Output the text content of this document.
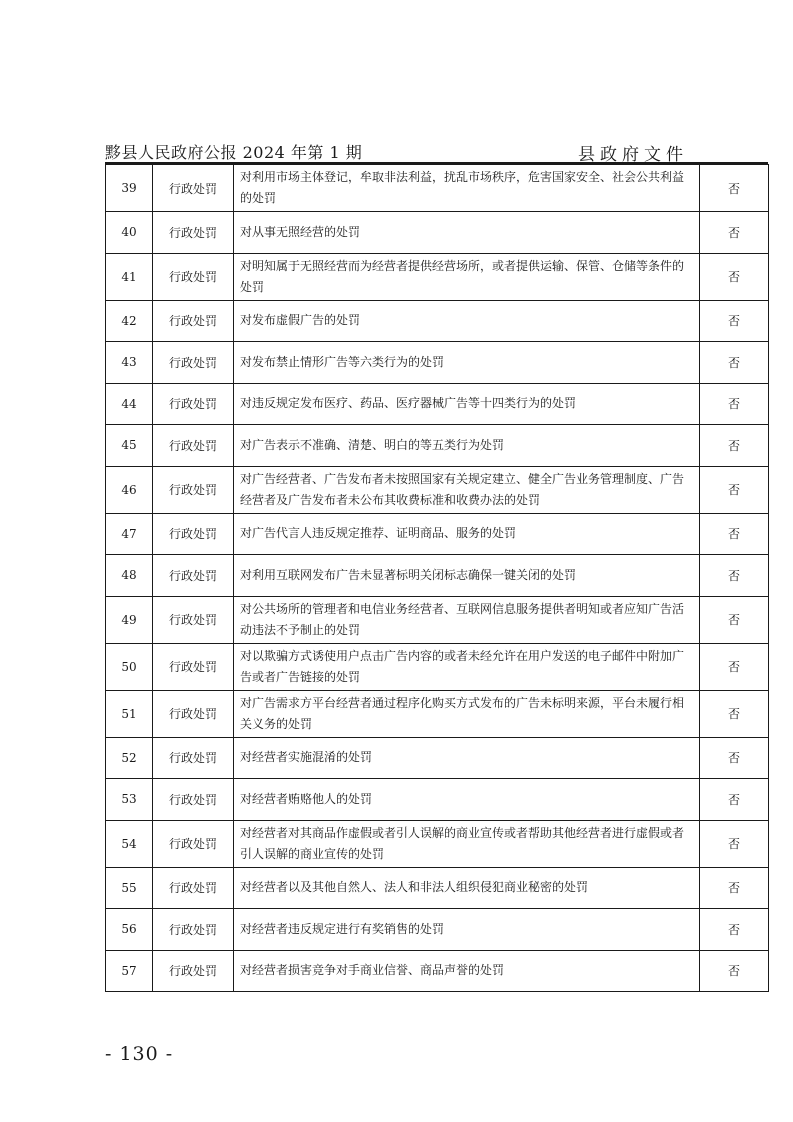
黟县人民政府公报 2024 年第 1 期	县政府文件
39	行政处罚	对利用市场主体登记，牟取非法利益，扰乱市场秩序，危害国家安全、社会公共利益的处罚	否
40	行政处罚	对从事无照经营的处罚	否
41	行政处罚	对明知属于无照经营而为经营者提供经营场所，或者提供运输、保管、仓储等条件的处罚	否
42	行政处罚	对发布虚假广告的处罚	否
43	行政处罚	对发布禁止情形广告等六类行为的处罚	否
44	行政处罚	对违反规定发布医疗、药品、医疗器械广告等十四类行为的处罚	否
45	行政处罚	对广告表示不准确、清楚、明白的等五类行为处罚	否
46	行政处罚	对广告经营者、广告发布者未按照国家有关规定建立、健全广告业务管理制度、广告经营者及广告发布者未公布其收费标准和收费办法的处罚	否
47	行政处罚	对广告代言人违反规定推荐、证明商品、服务的处罚	否
48	行政处罚	对利用互联网发布广告未显著标明关闭标志确保一键关闭的处罚	否
49	行政处罚	对公共场所的管理者和电信业务经营者、互联网信息服务提供者明知或者应知广告活动违法不予制止的处罚	否
50	行政处罚	对以欺骗方式诱使用户点击广告内容的或者未经允许在用户发送的电子邮件中附加广告或者广告链接的处罚	否
51	行政处罚	对广告需求方平台经营者通过程序化购买方式发布的广告未标明来源，平台未履行相关义务的处罚	否
52	行政处罚	对经营者实施混淆的处罚	否
53	行政处罚	对经营者贿赂他人的处罚	否
54	行政处罚	对经营者对其商品作虚假或者引人误解的商业宣传或者帮助其他经营者进行虚假或者引人误解的商业宣传的处罚	否
55	行政处罚	对经营者以及其他自然人、法人和非法人组织侵犯商业秘密的处罚	否
56	行政处罚	对经营者违反规定进行有奖销售的处罚	否
57	行政处罚	对经营者损害竞争对手商业信誉、商品声誉的处罚	否
- 130 -
